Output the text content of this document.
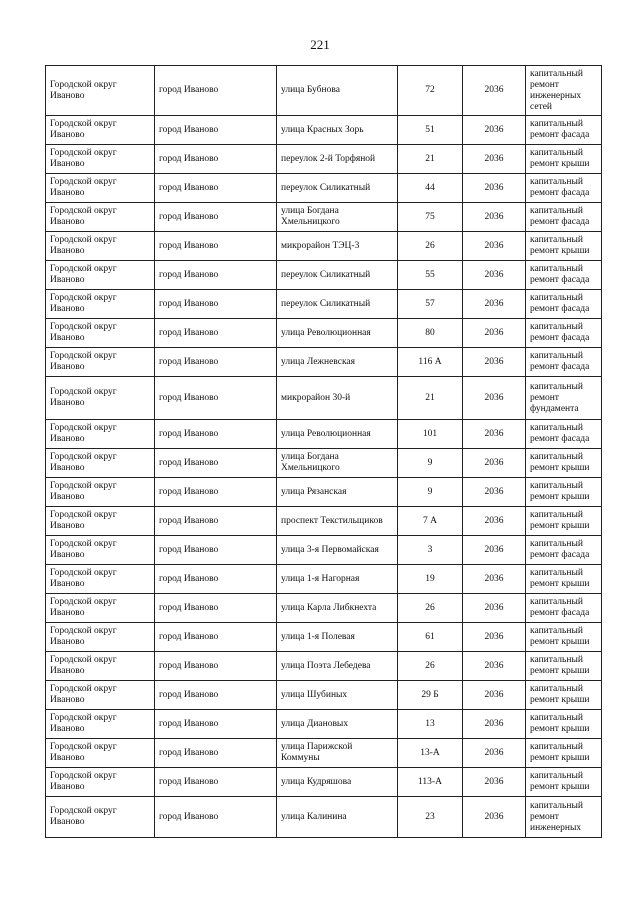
221
Городской округ Иваново	город Иваново	улица Бубнова	72	2036	капитальный ремонт инженерных сетей
Городской округ Иваново	город Иваново	улица Красных Зорь	51	2036	капитальный ремонт фасада
Городской округ Иваново	город Иваново	переулок 2-й Торфяной	21	2036	капитальный ремонт крыши
Городской округ Иваново	город Иваново	переулок Силикатный	44	2036	капитальный ремонт фасада
Городской округ Иваново	город Иваново	улица Богдана Хмельницкого	75	2036	капитальный ремонт фасада
Городской округ Иваново	город Иваново	микрорайон ТЭЦ-3	26	2036	капитальный ремонт крыши
Городской округ Иваново	город Иваново	переулок Силикатный	55	2036	капитальный ремонт фасада
Городской округ Иваново	город Иваново	переулок Силикатный	57	2036	капитальный ремонт фасада
Городской округ Иваново	город Иваново	улица Революционная	80	2036	капитальный ремонт фасада
Городской округ Иваново	город Иваново	улица Лежневская	116 А	2036	капитальный ремонт фасада
Городской округ Иваново	город Иваново	микрорайон 30-й	21	2036	капитальный ремонт фундамента
Городской округ Иваново	город Иваново	улица Революционная	101	2036	капитальный ремонт фасада
Городской округ Иваново	город Иваново	улица Богдана Хмельницкого	9	2036	капитальный ремонт крыши
Городской округ Иваново	город Иваново	улица Рязанская	9	2036	капитальный ремонт крыши
Городской округ Иваново	город Иваново	проспект Текстильщиков	7 А	2036	капитальный ремонт крыши
Городской округ Иваново	город Иваново	улица 3-я Первомайская	3	2036	капитальный ремонт фасада
Городской округ Иваново	город Иваново	улица 1-я Нагорная	19	2036	капитальный ремонт крыши
Городской округ Иваново	город Иваново	улица Карла Либкнехта	26	2036	капитальный ремонт фасада
Городской округ Иваново	город Иваново	улица 1-я Полевая	61	2036	капитальный ремонт крыши
Городской округ Иваново	город Иваново	улица Поэта Лебедева	26	2036	капитальный ремонт крыши
Городской округ Иваново	город Иваново	улица Шубиных	29 Б	2036	капитальный ремонт крыши
Городской округ Иваново	город Иваново	улица Диановых	13	2036	капитальный ремонт крыши
Городской округ Иваново	город Иваново	улица Парижской Коммуны	13-А	2036	капитальный ремонт крыши
Городской округ Иваново	город Иваново	улица Кудряшова	113-А	2036	капитальный ремонт крыши
Городской округ Иваново	город Иваново	улица Калинина	23	2036	капитальный ремонт инженерных
